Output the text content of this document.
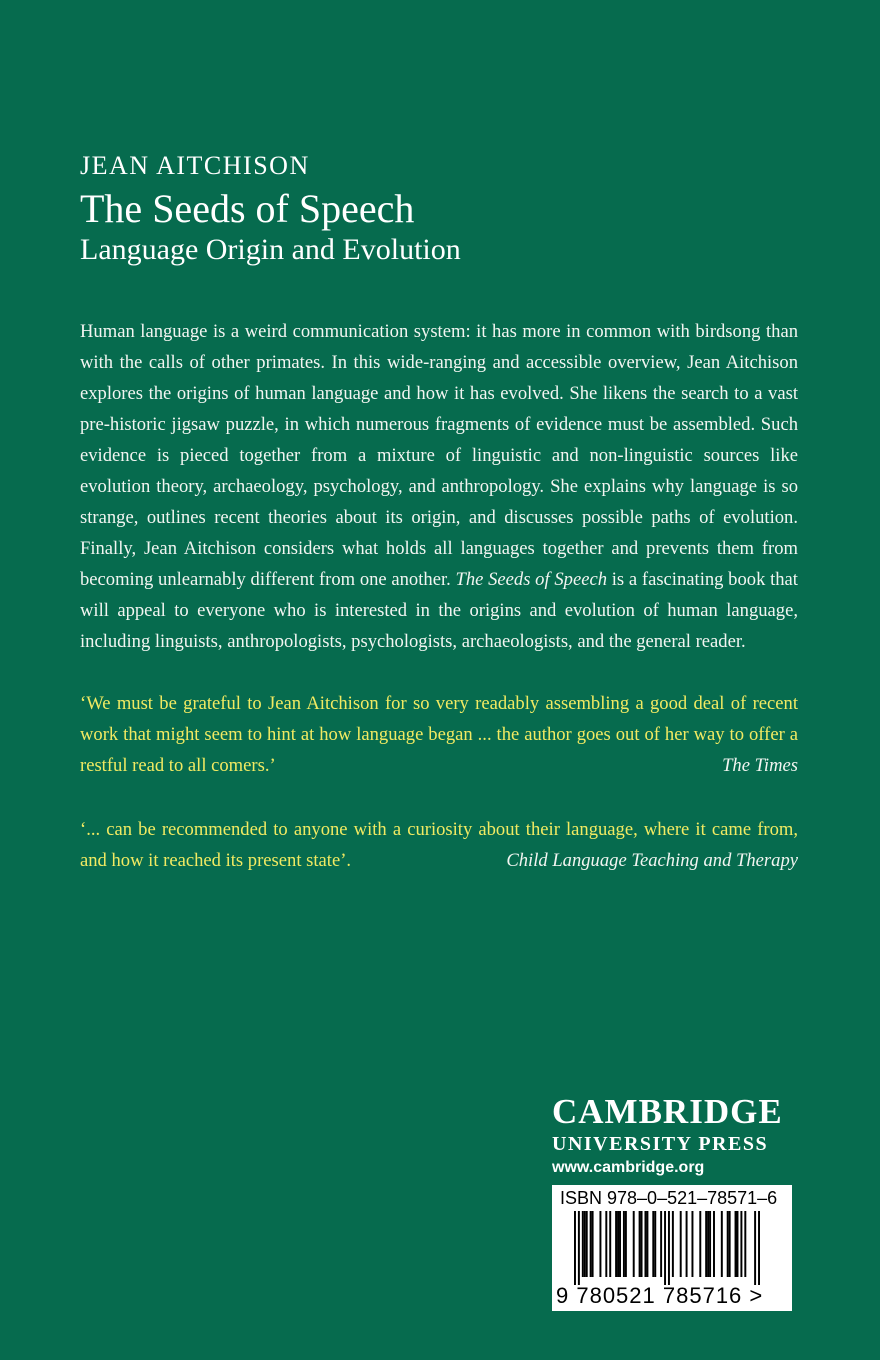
JEAN AITCHISON
The Seeds of Speech
Language Origin and Evolution
Human language is a weird communication system: it has more in common with birdsong than with the calls of other primates. In this wide-ranging and accessible overview, Jean Aitchison explores the origins of human language and how it has evolved. She likens the search to a vast pre-historic jigsaw puzzle, in which numerous fragments of evidence must be assembled. Such evidence is pieced together from a mixture of linguistic and non-linguistic sources like evolution theory, archaeology, psychology, and anthropology. She explains why language is so strange, outlines recent theories about its origin, and discusses possible paths of evolution. Finally, Jean Aitchison considers what holds all languages together and prevents them from becoming unlearnably different from one another. The Seeds of Speech is a fascinating book that will appeal to everyone who is interested in the origins and evolution of human language, including linguists, anthropologists, psychologists, archaeologists, and the general reader.
‘We must be grateful to Jean Aitchison for so very readably assembling a good deal of recent work that might seem to hint at how language began ... the author goes out of her way to offer a restful read to all comers.’	The Times
‘... can be recommended to anyone with a curiosity about their language, where it came from, and how it reached its present state’.	Child Language Teaching and Therapy
CAMBRIDGE
UNIVERSITY PRESS
www.cambridge.org
ISBN 978–0–521–78571–6
9 780521 785716 >
